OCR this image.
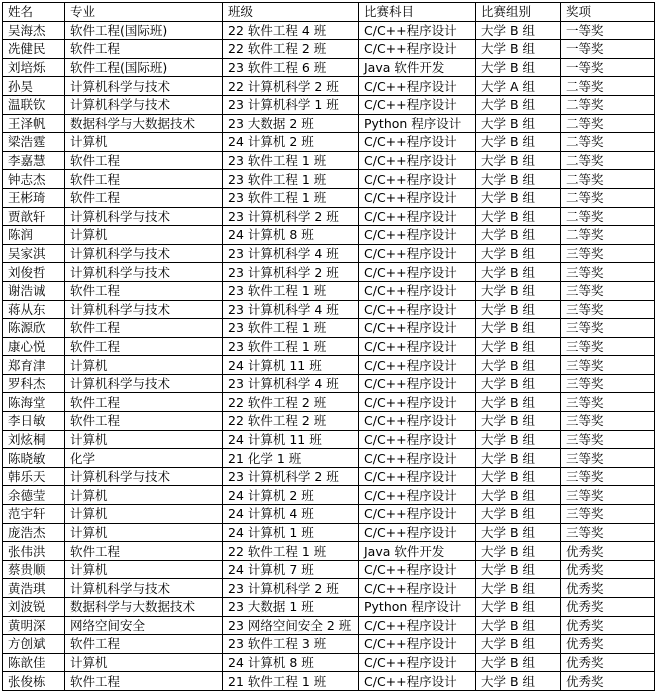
姓名	专业	班级	比赛科目	比赛组别	奖项
吴海杰	软件工程(国际班)	22 软件工程 4 班	C/C++程序设计	大学 B 组	一等奖
冼健民	软件工程	22 软件工程 2 班	C/C++程序设计	大学 B 组	一等奖
刘培烁	软件工程(国际班)	23 软件工程 6 班	Java 软件开发	大学 B 组	一等奖
孙昊	计算机科学与技术	22 计算机科学 2 班	C/C++程序设计	大学 A 组	二等奖
温联钦	计算机科学与技术	23 计算机科学 1 班	C/C++程序设计	大学 B 组	二等奖
王泽帆	数据科学与大数据技术	23 大数据 2 班	Python 程序设计	大学 B 组	二等奖
梁浩霆	计算机	24 计算机 2 班	C/C++程序设计	大学 B 组	二等奖
李嘉慧	软件工程	23 软件工程 1 班	C/C++程序设计	大学 B 组	二等奖
钟志杰	软件工程	23 软件工程 1 班	C/C++程序设计	大学 B 组	二等奖
王彬琦	软件工程	23 软件工程 1 班	C/C++程序设计	大学 B 组	二等奖
贾歆轩	计算机科学与技术	23 计算机科学 2 班	C/C++程序设计	大学 B 组	二等奖
陈润	计算机	24 计算机 8 班	C/C++程序设计	大学 B 组	二等奖
吴家淇	计算机科学与技术	23 计算机科学 4 班	C/C++程序设计	大学 B 组	三等奖
刘俊哲	计算机科学与技术	23 计算机科学 2 班	C/C++程序设计	大学 B 组	三等奖
谢浩诚	软件工程	23 软件工程 1 班	C/C++程序设计	大学 B 组	三等奖
蒋从东	计算机科学与技术	23 计算机科学 4 班	C/C++程序设计	大学 B 组	三等奖
陈源欣	软件工程	23 软件工程 1 班	C/C++程序设计	大学 B 组	三等奖
康心悦	软件工程	23 软件工程 1 班	C/C++程序设计	大学 B 组	三等奖
郑育津	计算机	24 计算机 11 班	C/C++程序设计	大学 B 组	三等奖
罗科杰	计算机科学与技术	23 计算机科学 4 班	C/C++程序设计	大学 B 组	三等奖
陈海堂	软件工程	22 软件工程 2 班	C/C++程序设计	大学 B 组	三等奖
李日敏	软件工程	22 软件工程 2 班	C/C++程序设计	大学 B 组	三等奖
刘炫桐	计算机	24 计算机 11 班	C/C++程序设计	大学 B 组	三等奖
陈晓敏	化学	21 化学 1 班	C/C++程序设计	大学 B 组	三等奖
韩乐天	计算机科学与技术	23 计算机科学 2 班	C/C++程序设计	大学 B 组	三等奖
余德莹	计算机	24 计算机 2 班	C/C++程序设计	大学 B 组	三等奖
范宇轩	计算机	24 计算机 4 班	C/C++程序设计	大学 B 组	三等奖
庞浩杰	计算机	24 计算机 1 班	C/C++程序设计	大学 B 组	三等奖
张伟洪	软件工程	22 软件工程 1 班	Java 软件开发	大学 B 组	优秀奖
蔡贵顺	计算机	24 计算机 7 班	C/C++程序设计	大学 B 组	优秀奖
黄浩琪	计算机科学与技术	23 计算机科学 2 班	C/C++程序设计	大学 B 组	优秀奖
刘波锐	数据科学与大数据技术	23 大数据 1 班	Python 程序设计	大学 B 组	优秀奖
黄明深	网络空间安全	23 网络空间安全 2 班	C/C++程序设计	大学 B 组	优秀奖
方创斌	软件工程	23 软件工程 3 班	C/C++程序设计	大学 B 组	优秀奖
陈歆佳	计算机	24 计算机 8 班	C/C++程序设计	大学 B 组	优秀奖
张俊栋	软件工程	21 软件工程 1 班	C/C++程序设计	大学 B 组	优秀奖
